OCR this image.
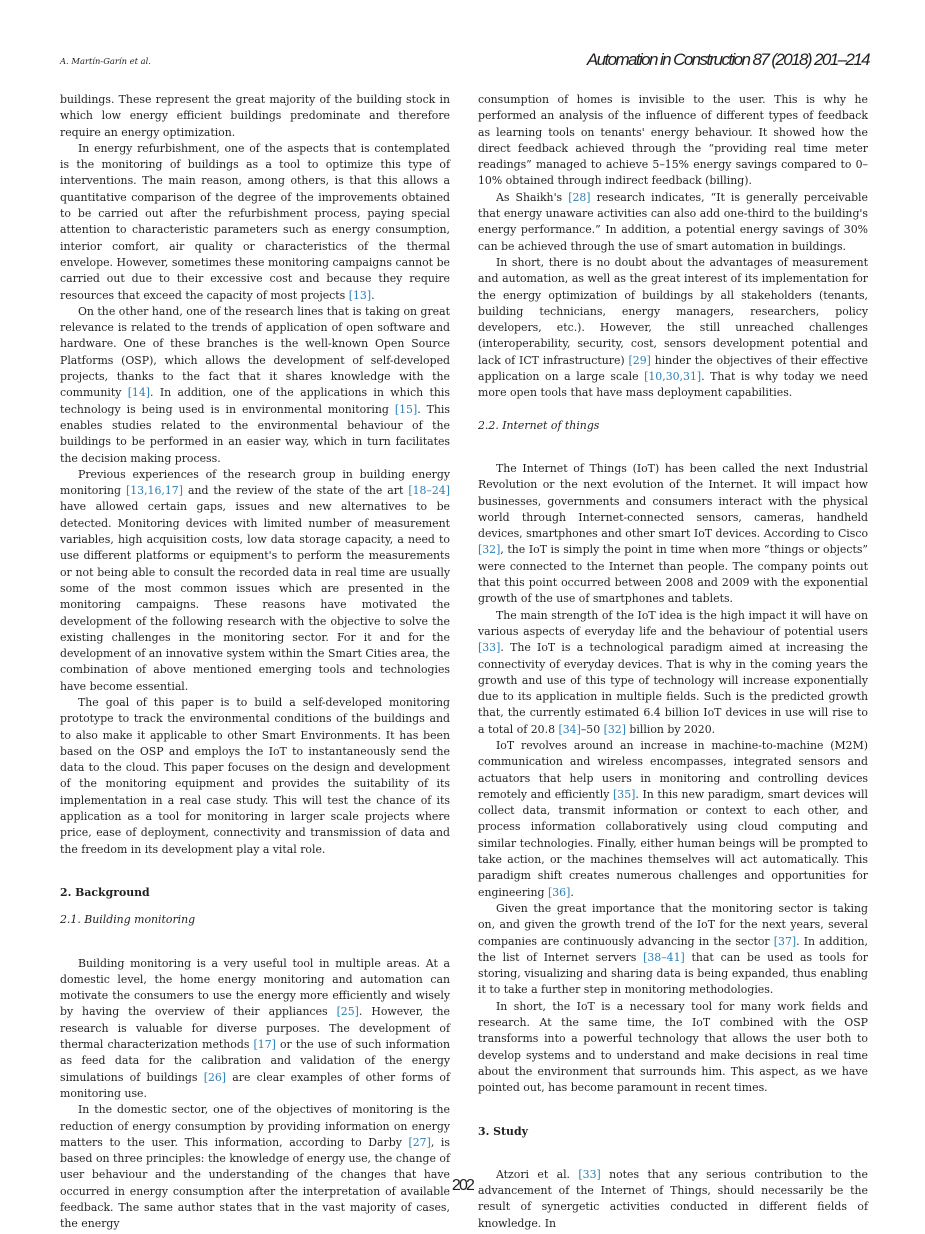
A. Martín-Garín et al.	Automation in Construction 87 (2018) 201–214

buildings. These represent the great majority of the building stock in which low energy efficient buildings predominate and therefore require an energy optimization.

In energy refurbishment, one of the aspects that is contemplated is the monitoring of buildings as a tool to optimize this type of interventions. The main reason, among others, is that this allows a quantitative comparison of the degree of the improvements obtained to be carried out after the refurbishment process, paying special attention to characteristic parameters such as energy consumption, interior comfort, air quality or characteristics of the thermal envelope. However, sometimes these monitoring campaigns cannot be carried out due to their excessive cost and because they require resources that exceed the capacity of most projects [13].

On the other hand, one of the research lines that is taking on great relevance is related to the trends of application of open software and hardware. One of these branches is the well-known Open Source Platforms (OSP), which allows the development of self-developed projects, thanks to the fact that it shares knowledge with the community [14]. In addition, one of the applications in which this technology is being used is in environmental monitoring [15]. This enables studies related to the environmental behaviour of the buildings to be performed in an easier way, which in turn facilitates the decision making process.

Previous experiences of the research group in building energy monitoring [13,16,17] and the review of the state of the art [18–24] have allowed certain gaps, issues and new alternatives to be detected. Monitoring devices with limited number of measurement variables, high acquisition costs, low data storage capacity, a need to use different platforms or equipment's to perform the measurements or not being able to consult the recorded data in real time are usually some of the most common issues which are presented in the monitoring campaigns. These reasons have motivated the development of the following research with the objective to solve the existing challenges in the monitoring sector. For it and for the development of an innovative system within the Smart Cities area, the combination of above mentioned emerging tools and technologies have become essential.

The goal of this paper is to build a self-developed monitoring prototype to track the environmental conditions of the buildings and to also make it applicable to other Smart Environments. It has been based on the OSP and employs the IoT to instantaneously send the data to the cloud. This paper focuses on the design and development of the monitoring equipment and provides the suitability of its implementation in a real case study. This will test the chance of its application as a tool for monitoring in larger scale projects where price, ease of deployment, connectivity and transmission of data and the freedom in its development play a vital role.

2. Background
2.1. Building monitoring

Building monitoring is a very useful tool in multiple areas. At a domestic level, the home energy monitoring and automation can motivate the consumers to use the energy more efficiently and wisely by having the overview of their appliances [25]. However, the research is valuable for diverse purposes. The development of thermal characterization methods [17] or the use of such information as feed data for the calibration and validation of the energy simulations of buildings [26] are clear examples of other forms of monitoring use.

In the domestic sector, one of the objectives of monitoring is the reduction of energy consumption by providing information on energy matters to the user. This information, according to Darby [27], is based on three principles: the knowledge of energy use, the change of user behaviour and the understanding of the changes that have occurred in energy consumption after the interpretation of available feedback. The same author states that in the vast majority of cases, the energy

consumption of homes is invisible to the user. This is why he performed an analysis of the influence of different types of feedback as learning tools on tenants' energy behaviour. It showed how the direct feedback achieved through the “providing real time meter readings” managed to achieve 5–15% energy savings compared to 0–10% obtained through indirect feedback (billing).

As Shaikh's [28] research indicates, “It is generally perceivable that energy unaware activities can also add one-third to the building's energy performance.” In addition, a potential energy savings of 30% can be achieved through the use of smart automation in buildings.

In short, there is no doubt about the advantages of measurement and automation, as well as the great interest of its implementation for the energy optimization of buildings by all stakeholders (tenants, building technicians, energy managers, researchers, policy developers, etc.). However, the still unreached challenges (interoperability, security, cost, sensors development potential and lack of ICT infrastructure) [29] hinder the objectives of their effective application on a large scale [10,30,31]. That is why today we need more open tools that have mass deployment capabilities.

2.2. Internet of things

The Internet of Things (IoT) has been called the next Industrial Revolution or the next evolution of the Internet. It will impact how businesses, governments and consumers interact with the physical world through Internet-connected sensors, cameras, handheld devices, smartphones and other smart IoT devices. According to Cisco [32], the IoT is simply the point in time when more “things or objects” were connected to the Internet than people. The company points out that this point occurred between 2008 and 2009 with the exponential growth of the use of smartphones and tablets.

The main strength of the IoT idea is the high impact it will have on various aspects of everyday life and the behaviour of potential users [33]. The IoT is a technological paradigm aimed at increasing the connectivity of everyday devices. That is why in the coming years the growth and use of this type of technology will increase exponentially due to its application in multiple fields. Such is the predicted growth that, the currently estimated 6.4 billion IoT devices in use will rise to a total of 20.8 [34]–50 [32] billion by 2020.

IoT revolves around an increase in machine-to-machine (M2M) communication and wireless encompasses, integrated sensors and actuators that help users in monitoring and controlling devices remotely and efficiently [35]. In this new paradigm, smart devices will collect data, transmit information or context to each other, and process information collaboratively using cloud computing and similar technologies. Finally, either human beings will be prompted to take action, or the machines themselves will act automatically. This paradigm shift creates numerous challenges and opportunities for engineering [36].

Given the great importance that the monitoring sector is taking on, and given the growth trend of the IoT for the next years, several companies are continuously advancing in the sector [37]. In addition, the list of Internet servers [38–41] that can be used as tools for storing, visualizing and sharing data is being expanded, thus enabling it to take a further step in monitoring methodologies.

In short, the IoT is a necessary tool for many work fields and research. At the same time, the IoT combined with the OSP transforms into a powerful technology that allows the user both to develop systems and to understand and make decisions in real time about the environment that surrounds him. This aspect, as we have pointed out, has become paramount in recent times.

3. Study

Atzori et al. [33] notes that any serious contribution to the advancement of the Internet of Things, should necessarily be the result of synergetic activities conducted in different fields of knowledge. In

202
